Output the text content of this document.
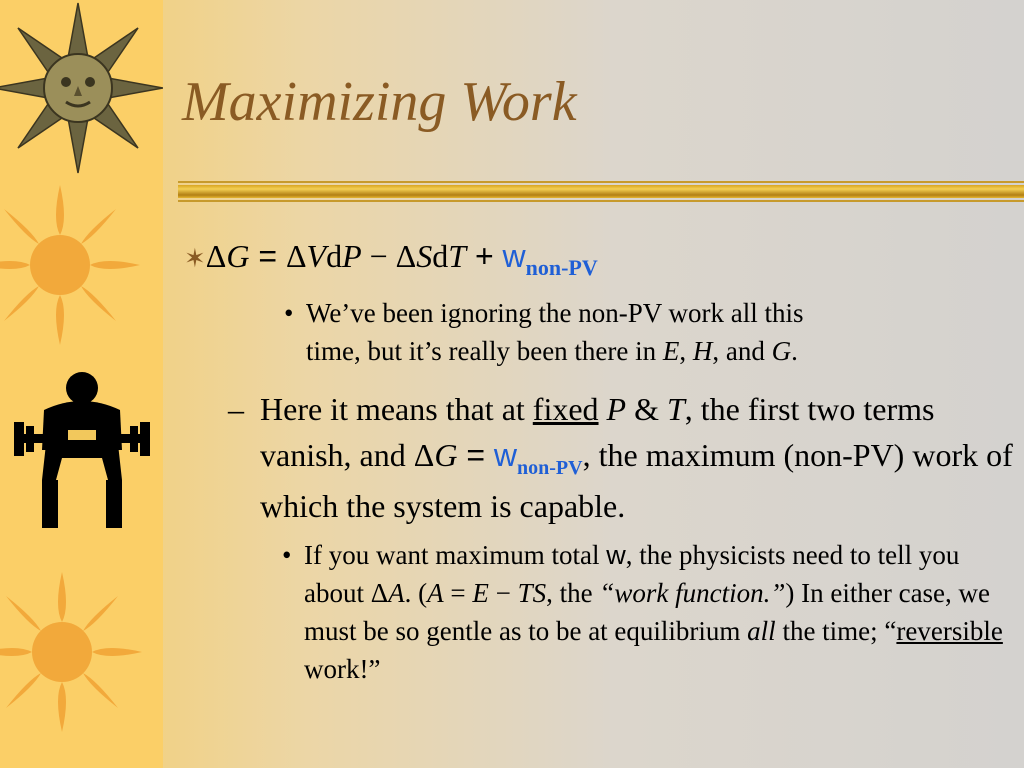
Maximizing Work
✶ΔG = $\Delta VdP - \Delta SdT + w_{non-PV}$
• We’ve been ignoring the non-PV work all this
time, but it’s really been there in E, H, and G.
– Here it means that at fixed P & T, the first two terms vanish, and $\Delta G = w_{non-PV}$, the maximum (non-PV) work of which the system is capable.
• If you want maximum total w, the physicists need to tell you about ΔA. (A = E − TS, the “work function.”) In either case, we must be so gentle as to be at equilibrium all the time; “reversible work!”
